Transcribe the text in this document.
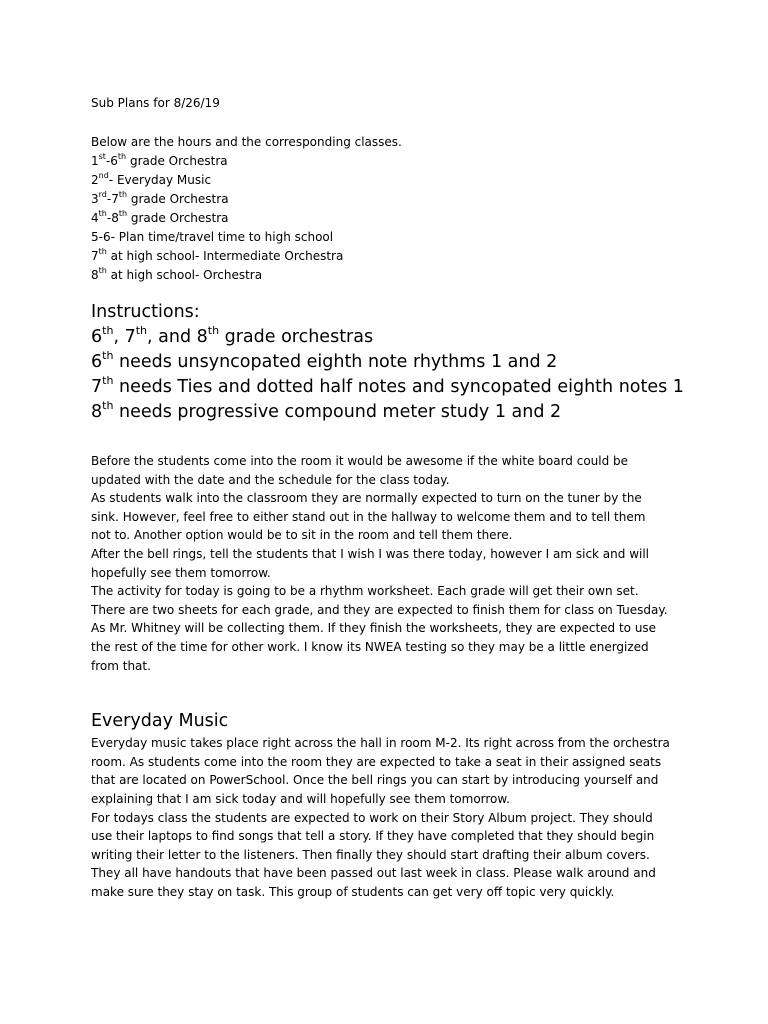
Sub Plans for 8/26/19

Below are the hours and the corresponding classes.

1st-6th grade Orchestra

2nd- Everyday Music

3rd-7th grade Orchestra

4th-8th grade Orchestra

5-6- Plan time/travel time to high school

7th at high school- Intermediate Orchestra

8th at high school- Orchestra

Instructions:

6th, 7th, and 8th grade orchestras

6th needs unsyncopated eighth note rhythms 1 and 2

7th needs Ties and dotted half notes and syncopated eighth notes 1

8th needs progressive compound meter study 1 and 2

Before the students come into the room it would be awesome if the white board could be

updated with the date and the schedule for the class today.

As students walk into the classroom they are normally expected to turn on the tuner by the

sink. However, feel free to either stand out in the hallway to welcome them and to tell them

not to. Another option would be to sit in the room and tell them there.

After the bell rings, tell the students that I wish I was there today, however I am sick and will

hopefully see them tomorrow.

The activity for today is going to be a rhythm worksheet. Each grade will get their own set.

There are two sheets for each grade, and they are expected to finish them for class on Tuesday.

As Mr. Whitney will be collecting them. If they finish the worksheets, they are expected to use

the rest of the time for other work. I know its NWEA testing so they may be a little energized

from that.

Everyday Music

Everyday music takes place right across the hall in room M-2. Its right across from the orchestra

room. As students come into the room they are expected to take a seat in their assigned seats

that are located on PowerSchool. Once the bell rings you can start by introducing yourself and

explaining that I am sick today and will hopefully see them tomorrow.

For todays class the students are expected to work on their Story Album project. They should

use their laptops to find songs that tell a story. If they have completed that they should begin

writing their letter to the listeners. Then finally they should start drafting their album covers.

They all have handouts that have been passed out last week in class. Please walk around and

make sure they stay on task. This group of students can get very off topic very quickly.
